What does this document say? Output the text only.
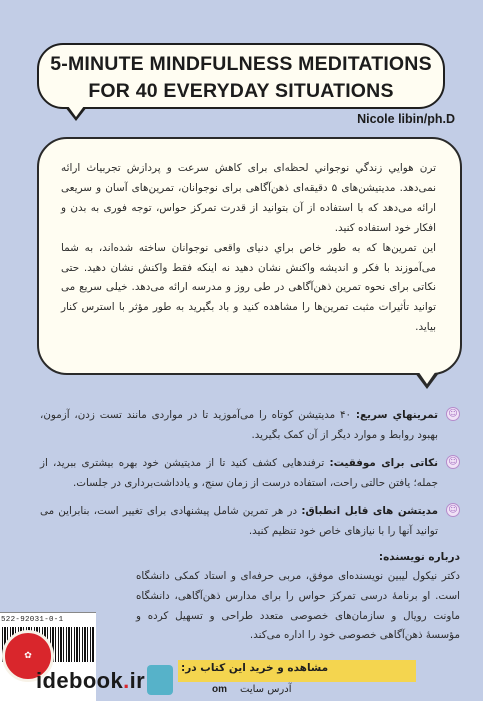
5-MINUTE MINDFULNESS MEDITATIONS
FOR 40 EVERYDAY SITUATIONS
Nicole libin/ph.D

ترن هوايي زندگي نوجواني لحظه‌ای برای کاهش سرعت و پردازش تجربیاث ارائه نمی‌دهد. مدیتیشن‌های ۵ دقیقه‌ای ذهن‌آگاهی برای نوجوانان، تمرین‌های آسان و سریعی ارائه می‌دهد که با استفاده از آن بتوانید از قدرت تمرکز حواس، توجه فوری به بدن و افکار خود استفاده کنید.

این تمرین‌ها که به طور خاص براي دنیای واقعی نوجوانان ساخته شده‌اند، به شما می‌آموزند با فکر و اندیشه واکنش نشان دهید نه اینکه فقط واکنش نشان دهید. حتی نکاتی برای نحوه تمرین ذهن‌آگاهی در طی روز و مدرسه ارائه می‌دهد. خیلی سریع می توانید تأثیرات مثبت تمرین‌ها را مشاهده کنید و باد بگیرید به طور مؤثر با استرس کنار بیاید.

☺
تمرینهاي سريع: ۴۰ مدیتیشن کوتاه را می‌آموزید تا در مواردی مانند تست زدن، آزمون، بهبود روابط و موارد دیگر از آن کمک بگیرید.
☺
نکاتی برای موفقیت: ترفندهایی کشف کنید تا از مدیتیشن خود بهره بیشتری ببرید، از جمله؛ یافتن حالتی راحت، استفاده درست از زمان سنج، و یادداشت‌برداری در جلسات.
☺
مدیتشن های قابل انطباق: در هر تمرین شامل پیشنهادی برای تغییر است، بنابراین می توانید آنها را با نیازهای خاص خود تنظیم کنید.
درباره نویسنده:
دکتر نیکول لیبین نویسنده‌ای موفق، مربی حرفه‌ای و استاد کمکی دانشگاه است. او برنامهٔ درسی تمرکز حواس را برای مدارس ذهن‌آگاهی، دانشگاه ماونت رویال و سازمان‌های خصوصی متعدد طراحی و تسهیل کرده و مؤسسهٔ ذهن‌آگاهی خصوصی خود را اداره می‌کند.
522-92031-0-1
✿
idebook.ir	مشاهده و خرید این کتاب در:
آدرس سایت
om
